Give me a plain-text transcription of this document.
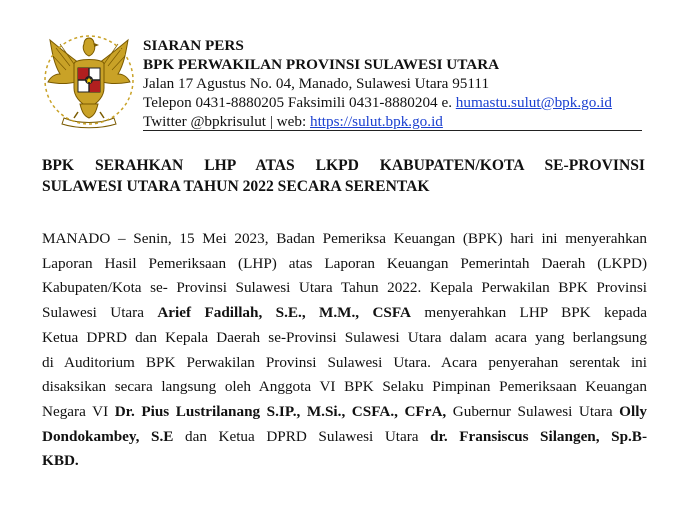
SIARAN PERS
BPK PERWAKILAN PROVINSI SULAWESI UTARA
Jalan 17 Agustus No. 04, Manado, Sulawesi Utara 95111
Telepon 0431-8880205 Faksimili 0431-8880204 e. humastu.sulut@bpk.go.id
Twitter @bpkrisulut | web: https://sulut.bpk.go.id
BPK SERAHKAN LHP ATAS LKPD KABUPATEN/KOTA SE-PROVINSI
SULAWESI UTARA TAHUN 2022 SECARA SERENTAK
MANADO – Senin, 15 Mei 2023, Badan Pemeriksa Keuangan (BPK) hari ini menyerahkan
Laporan Hasil Pemeriksaan (LHP) atas Laporan Keuangan Pemerintah Daerah (LKPD)
Kabupaten/Kota se- Provinsi Sulawesi Utara Tahun 2022. Kepala Perwakilan BPK Provinsi
Sulawesi Utara Arief Fadillah, S.E., M.M., CSFA menyerahkan LHP BPK kepada
Ketua DPRD dan Kepala Daerah se-Provinsi Sulawesi Utara dalam acara yang berlangsung
di Auditorium BPK Perwakilan Provinsi Sulawesi Utara. Acara penyerahan serentak ini
disaksikan secara langsung oleh Anggota VI BPK Selaku Pimpinan Pemeriksaan Keuangan
Negara VI Dr. Pius Lustrilanang S.IP., M.Si., CSFA., CFrA, Gubernur Sulawesi Utara Olly
Dondokambey, S.E dan Ketua DPRD Sulawesi Utara dr. Fransiscus Silangen, Sp.B-
KBD.
